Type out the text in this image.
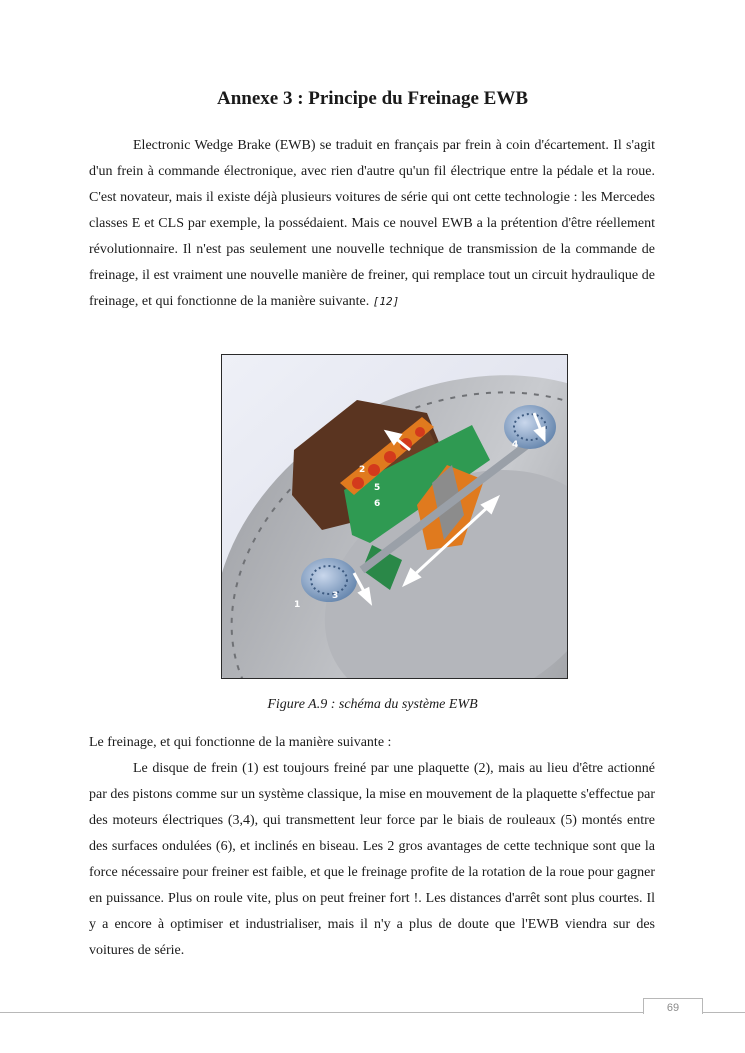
Annexe 3 : Principe du Freinage EWB

Electronic Wedge Brake (EWB) se traduit en français par frein à coin d'écartement. Il s'agit d'un frein à commande électronique, avec rien d'autre qu'un fil électrique entre la pédale et la roue. C'est novateur, mais il existe déjà plusieurs voitures de série qui ont cette technologie : les Mercedes classes E et CLS par exemple, la possédaient. Mais ce nouvel EWB a la prétention d'être réellement révolutionnaire. Il n'est pas seulement une nouvelle technique de transmission de la commande de freinage, il est vraiment une nouvelle manière de freiner, qui remplace tout un circuit hydraulique de freinage, et qui fonctionne de la manière suivante. [12]

1
2
3
4
5
6
Figure A.9 : schéma du système EWB
Le freinage, et qui fonctionne de la manière suivante :

Le disque de frein (1) est toujours freiné par une plaquette (2), mais au lieu d'être actionné par des pistons comme sur un système classique, la mise en mouvement de la plaquette s'effectue par des moteurs électriques (3,4), qui transmettent leur force par le biais de rouleaux (5) montés entre des surfaces ondulées (6), et inclinés en biseau. Les 2 gros avantages de cette technique sont que la force nécessaire pour freiner est faible, et que le freinage profite de la rotation de la roue pour gagner en puissance. Plus on roule vite, plus on peut freiner fort !. Les distances d'arrêt sont plus courtes. Il y a encore à optimiser et industrialiser, mais il n'y a plus de doute que l'EWB viendra sur des voitures de série.

69
